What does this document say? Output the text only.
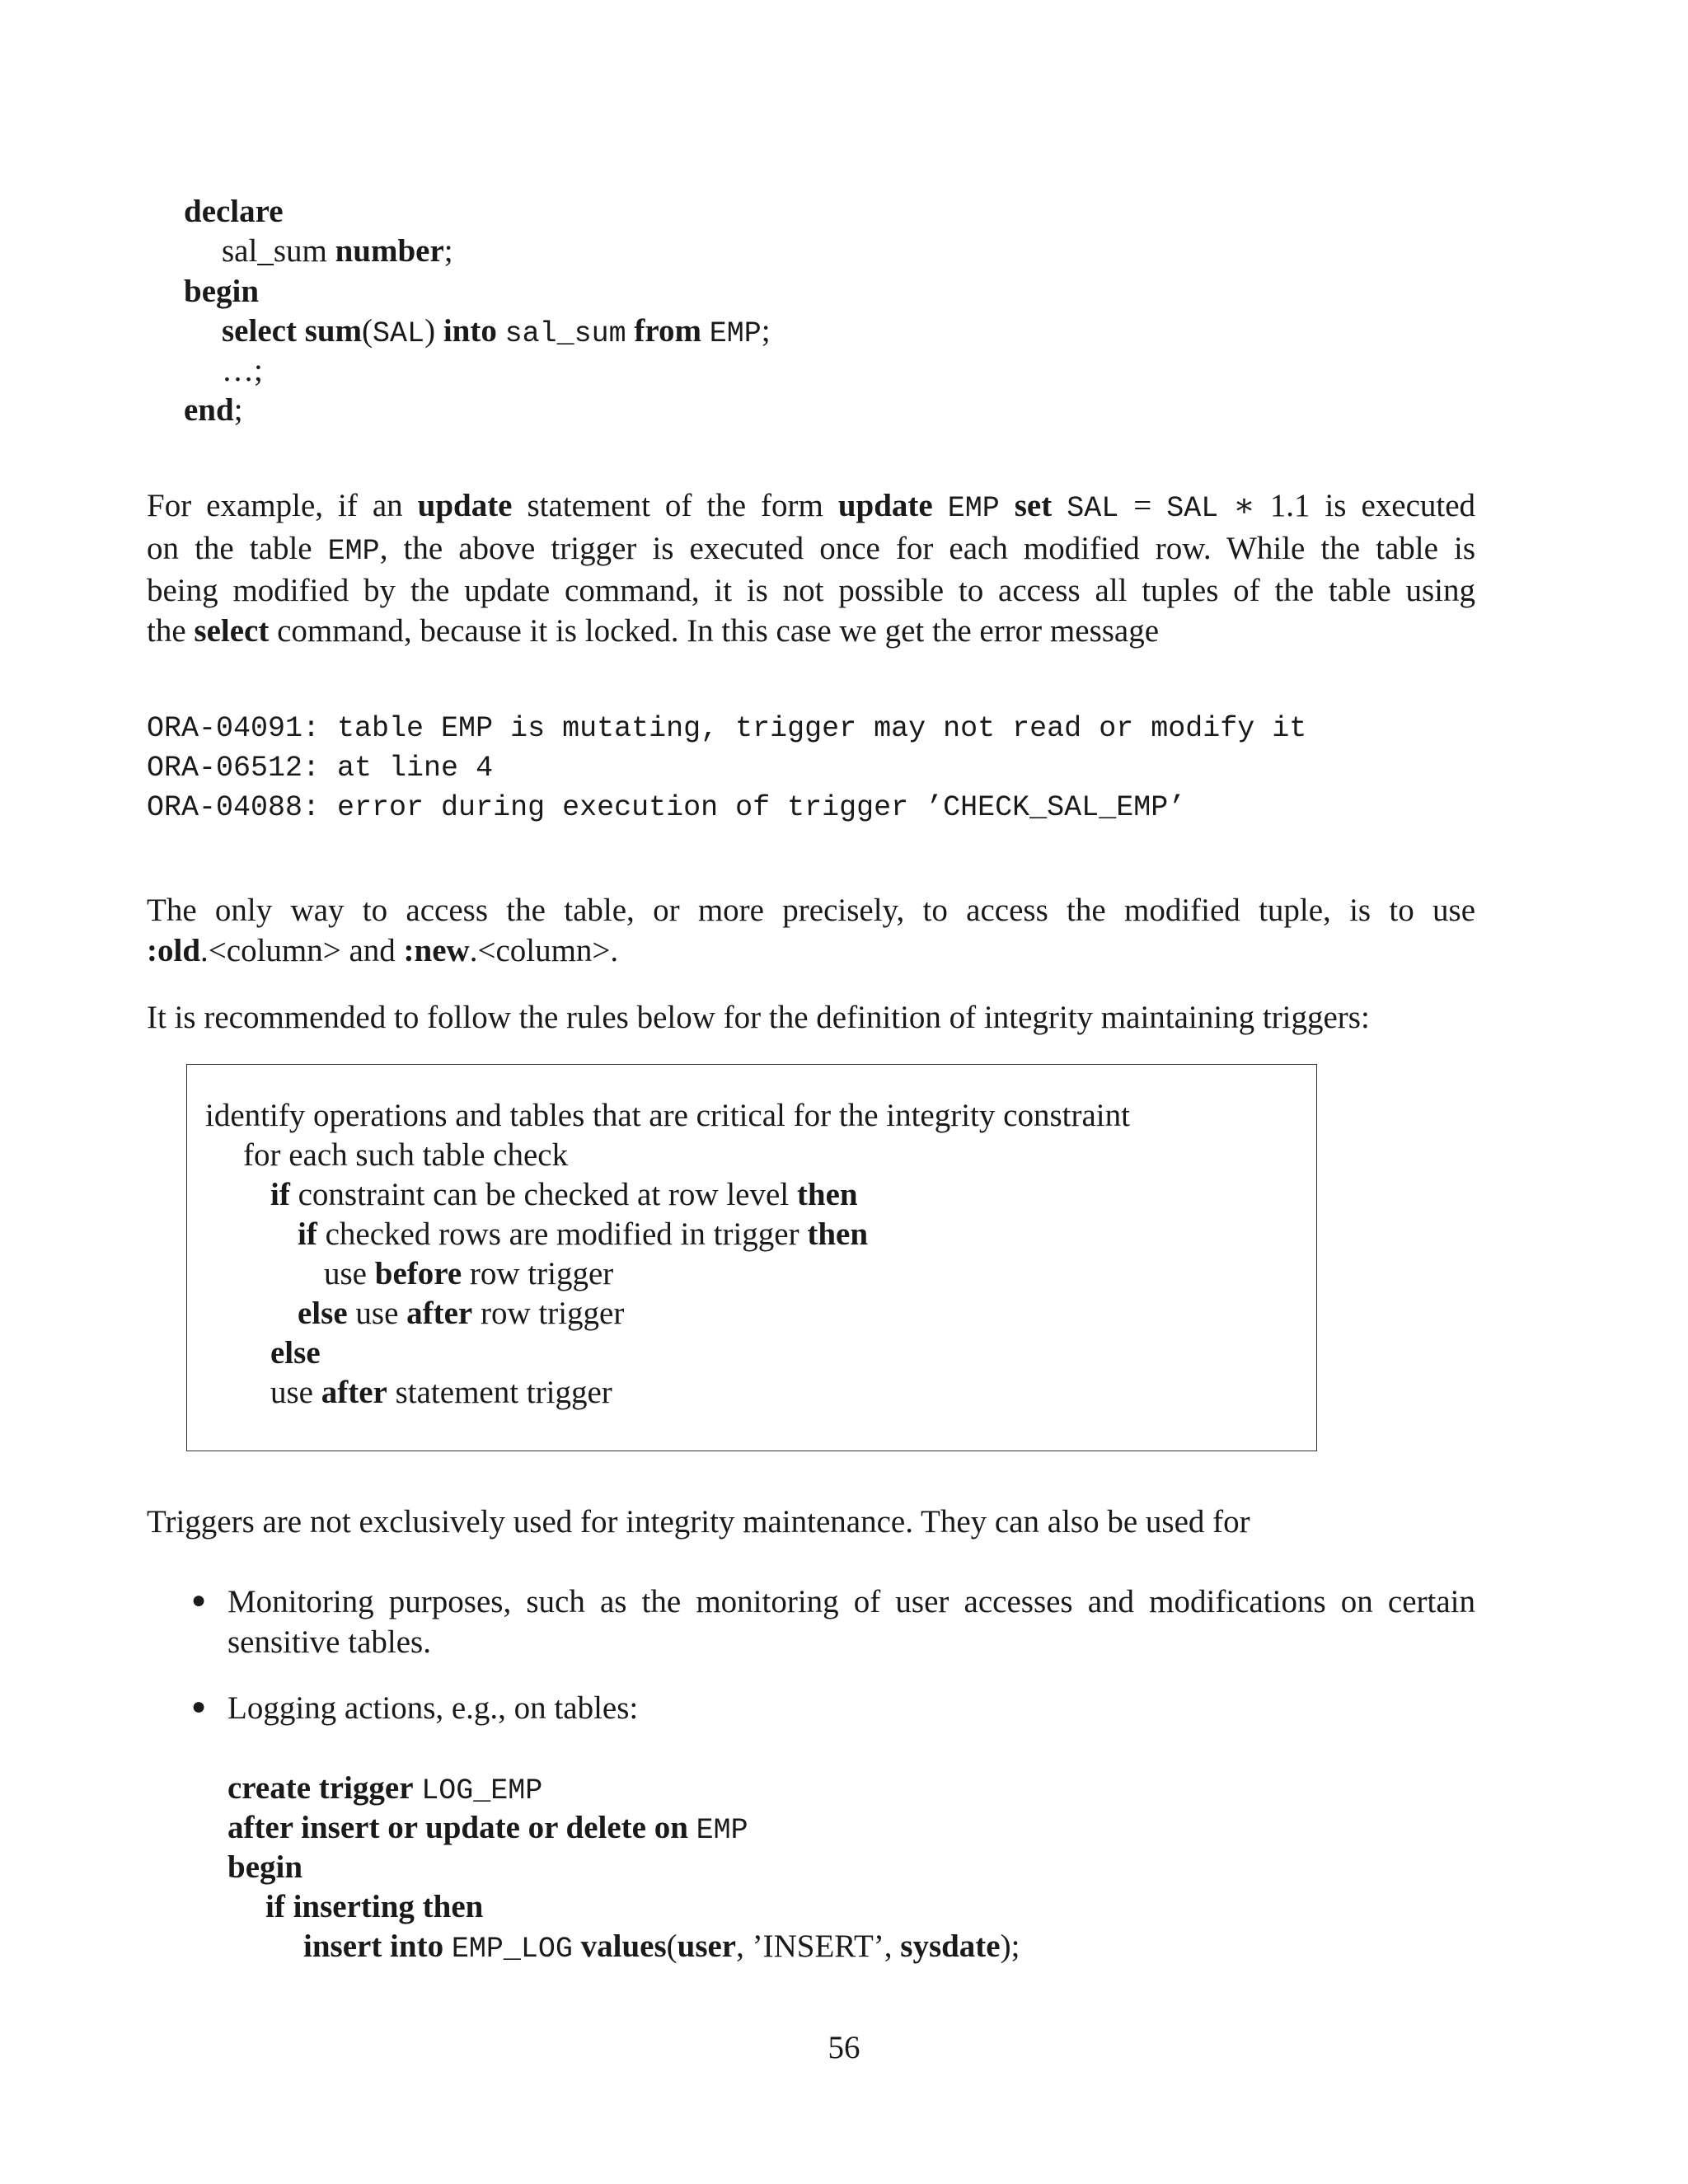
declare
sal_sum number;
begin
select sum(SAL) into sal_sum from EMP;
…;
end;
For example, if an update statement of the form update EMP set SAL = SAL ∗ 1.1 is executed
on the table EMP, the above trigger is executed once for each modified row. While the table is
being modified by the update command, it is not possible to access all tuples of the table using
the select command, because it is locked. In this case we get the error message
ORA-04091: table EMP is mutating, trigger may not read or modify it
ORA-06512: at line 4
ORA-04088: error during execution of trigger ’CHECK_SAL_EMP’
The only way to access the table, or more precisely, to access the modified tuple, is to use
:old.<column> and :new.<column>.
It is recommended to follow the rules below for the definition of integrity maintaining triggers:
identify operations and tables that are critical for the integrity constraint
for each such table check
if constraint can be checked at row level then
if checked rows are modified in trigger then
use before row trigger
else use after row trigger
else
use after statement trigger
Triggers are not exclusively used for integrity maintenance. They can also be used for
● Monitoring purposes, such as the monitoring of user accesses and modifications on certain
sensitive tables.
● Logging actions, e.g., on tables:
create trigger LOG_EMP
after insert or update or delete on EMP
begin
if inserting then
insert into EMP_LOG values(user, ’INSERT’, sysdate);
56
